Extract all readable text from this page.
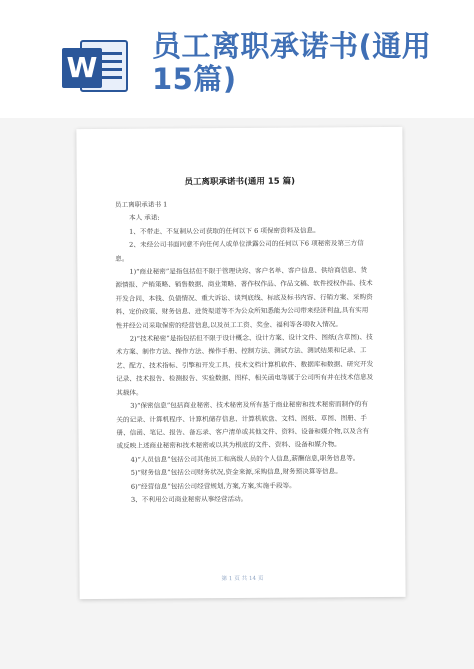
W
员工离职承诺书(通用15篇)
员工离职承诺书(通用 15 篇)

员工离职承诺书 1

本人 承诺:

1、不带走、不复制从公司获取的任何以下 6 项保密资料及信息。

2、未经公司书面同意不向任何人或单位泄露公司的任何以下6 项秘密及第三方信息。

1)“商业秘密”是指包括但不限于管理诀窍、客户名单、客户信息、供给商信息、货源情报、产销策略、销售数据、商业策略、著作权作品、作品文稿、软件授权作品、技术开发合同、本钱、负债情况、重大诉讼、谈判底线、标底及标书内容、行销方案、采购资料、定价政策、财务信息、进货渠道等不为公众所知悉能为公司带来经济利益,具有实用性并经公司采取保密的经营信息,以及员工工资、奖金、福利等各项收入情况。

2)“技术秘密”是指包括但不限于设计概念、设计方案、设计文件、图纸(含草图)、技术方案、制作方法、操作方法、操作手册、控制方法、测试方法、测试结果和记录、工艺、配方、技术指标、引擎和开发工具、技术文档计算机软件、数据库和数据、研究开发记录、技术报告、检测报告、实验数据、图样、相关函电等属于公司所有并在技术信息及其载体。

3)“保密信息”包括商业秘密、技术秘密及所有基于商业秘密和技术秘密而制作的有关的记录、计算机程序、计算机储存信息、计算机软盘、文档、图纸、草图、图册、手册、信函、笔记、报告、备忘录、客户清单或其他文件、资料、设备和媒介物,以及含有或反映上述商业秘密和技术秘密或以其为根底的文件、资料、设备和媒介物。

4)“人员信息”包括公司其他员工和高级人员的个人信息,薪酬信息,职务信息等。

5)“财务信息”包括公司财务状况,资金来源,采购信息,财务预决算等信息。

6)“经营信息”包括公司经营规划,方案,方案,实施手段等。

3、不利用公司商业秘密从事经营活动。

第 1 页 共 14 页
